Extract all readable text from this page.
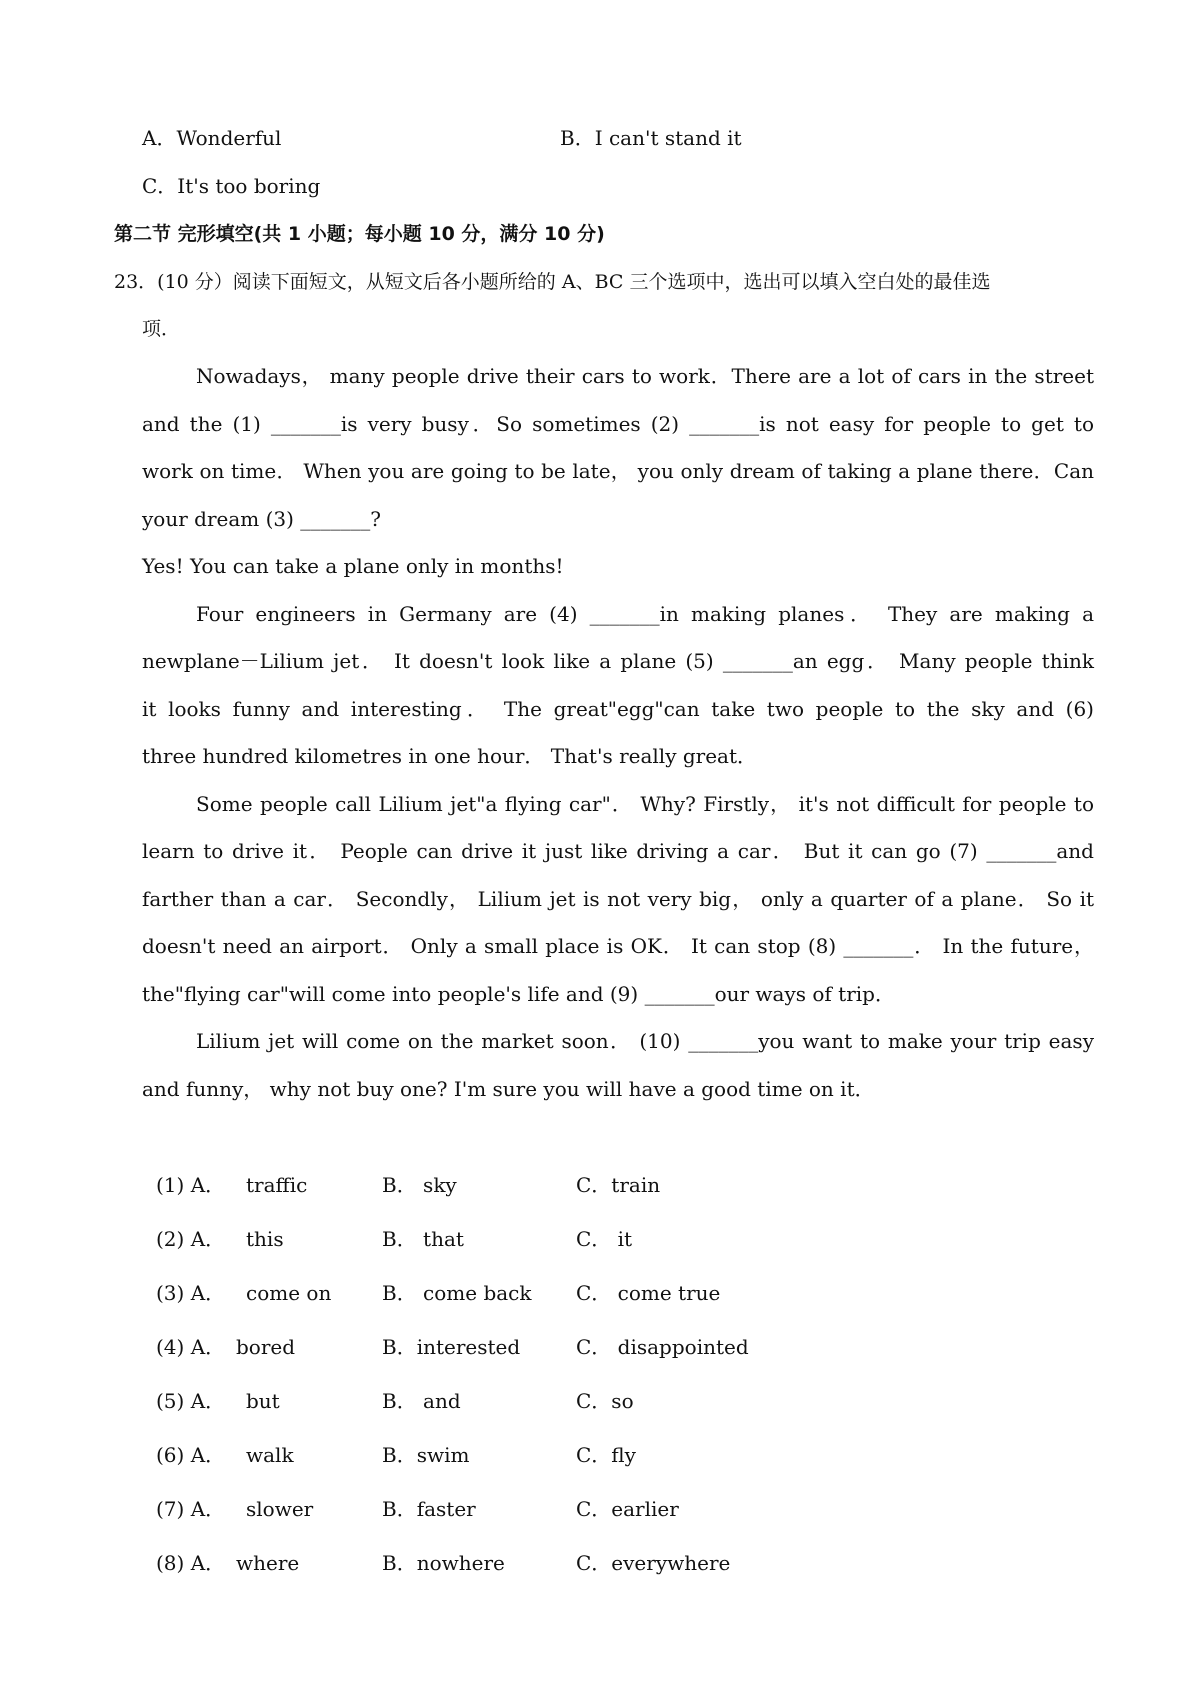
A．Wonderful	B．I can't stand it
C．It's too boring
第二节 完形填空(共 1 小题；每小题 10 分，满分 10 分)
23．(10 分）阅读下面短文，从短文后各小题所给的 A、BC 三个选项中，选出可以填入空白处的最佳选
项．
Nowadays， many people drive their cars to work．There are a lot of cars in the street
and the (1) _______is very busy．So sometimes (2) _______is not easy for people to get to
work on time． When you are going to be late， you only dream of taking a plane there．Can
your dream (3) _______?
Yes! You can take a plane only in months!
Four engineers in Germany are (4) _______in making planes． They are making a
newplane－Lilium jet． It doesn't look like a plane (5) _______an egg． Many people think
it looks funny and interesting． The great"egg"can take two people to the sky and (6)
three hundred kilometres in one hour． That's really great．
Some people call Lilium jet"a flying car"． Why? Firstly， it's not difficult for people to
learn to drive it． People can drive it just like driving a car． But it can go (7) _______and
farther than a car． Secondly， Lilium jet is not very big， only a quarter of a plane． So it
doesn't need an airport． Only a small place is OK． It can stop (8) _______． In the future，
the"flying car"will come into people's life and (9) _______our ways of trip．
Lilium jet will come on the market soon． (10) _______you want to make your trip easy
and funny， why not buy one? I'm sure you will have a good time on it．
(1) A． traffic	B． sky	C．train
(2) A． this	B． that	C． it
(3) A． come on	B． come back C． come true
(4) A． bored	B．interested	C． disappointed
(5) A． but	B． and	C．so
(6) A． walk	B．swim	C．fly
(7) A． slower	B．faster	C．earlier
(8) A． where	B．nowhere	C．everywhere
